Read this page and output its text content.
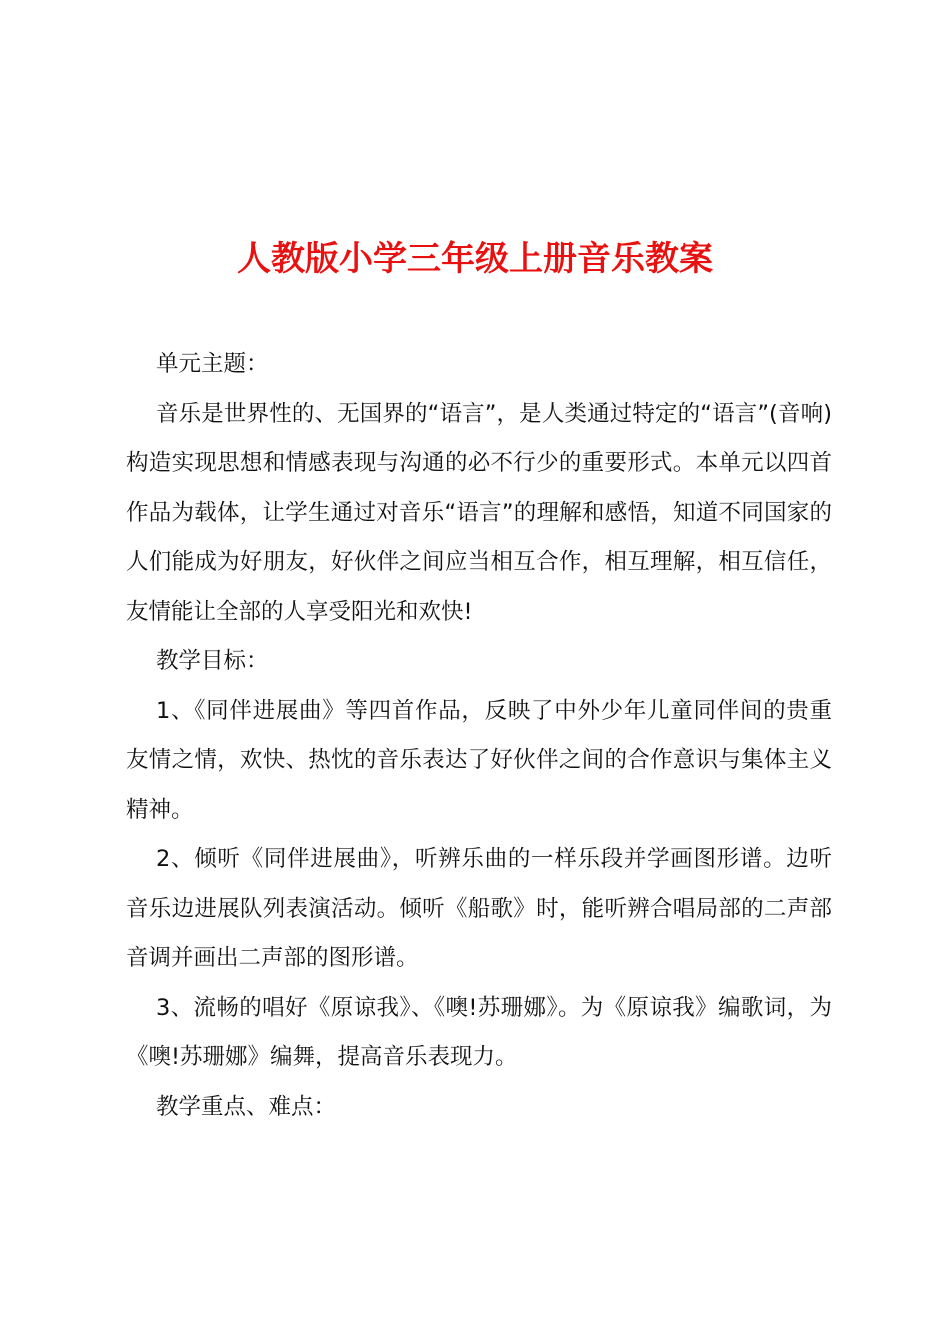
人教版小学三年级上册音乐教案

单元主题：

音乐是世界性的、无国界的“语言”，是人类通过特定的“语言”(音响)构造实现思想和情感表现与沟通的必不行少的重要形式。本单元以四首作品为载体，让学生通过对音乐“语言”的理解和感悟，知道不同国家的人们能成为好朋友，好伙伴之间应当相互合作，相互理解，相互信任，友情能让全部的人享受阳光和欢快!

教学目标：

1、《同伴进展曲》等四首作品，反映了中外少年儿童同伴间的贵重友情之情，欢快、热忱的音乐表达了好伙伴之间的合作意识与集体主义精神。

2、倾听《同伴进展曲》，听辨乐曲的一样乐段并学画图形谱。边听音乐边进展队列表演活动。倾听《船歌》时，能听辨合唱局部的二声部音调并画出二声部的图形谱。

3、流畅的唱好《原谅我》、《噢!苏珊娜》。为《原谅我》编歌词，为《噢!苏珊娜》编舞，提高音乐表现力。

教学重点、难点：
